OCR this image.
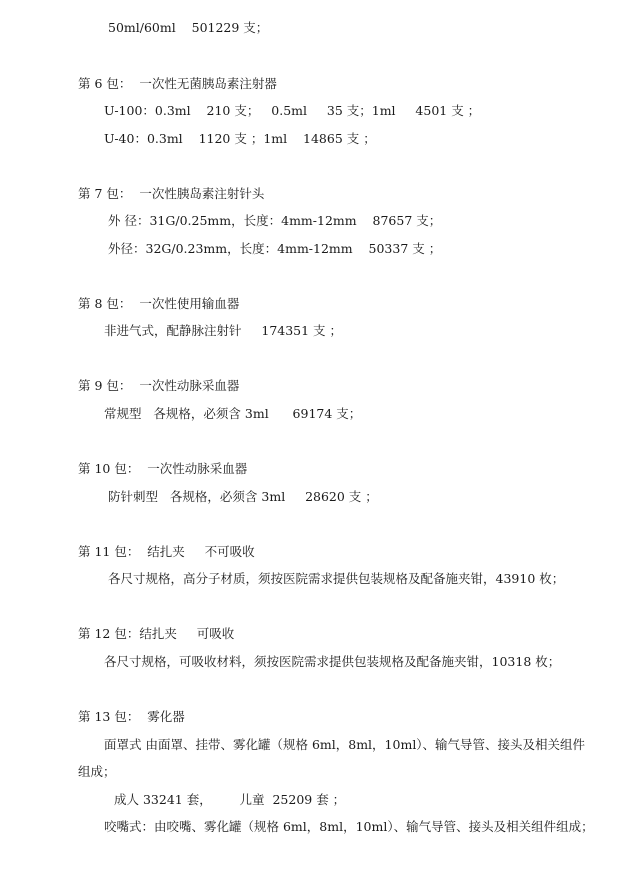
50ml/60ml    501229 支；
第 6 包：  一次性无菌胰岛素注射器
U-100：0.3ml    210 支；   0.5ml     35 支；1ml     4501 支 ；
U-40：0.3ml    1120 支 ；1ml    14865 支 ；
第 7 包：  一次性胰岛素注射针头
外 径：31G/0.25mm，长度：4mm-12mm    87657 支；
外径：32G/0.23mm，长度：4mm-12mm    50337 支 ；
第 8 包：  一次性使用输血器
非进气式，配静脉注射针     174351 支 ；
第 9 包：  一次性动脉采血器
常规型   各规格，必须含 3ml      69174 支；
第 10 包：  一次性动脉采血器
防针刺型   各规格，必须含 3ml     28620 支 ；
第 11 包：  结扎夹     不可吸收
各尺寸规格，高分子材质，须按医院需求提供包装规格及配备施夹钳，43910 枚；
第 12 包：结扎夹     可吸收
各尺寸规格，可吸收材料，须按医院需求提供包装规格及配备施夹钳，10318 枚；
第 13 包：  雾化器
面罩式 由面罩、挂带、雾化罐（规格 6ml，8ml，10ml）、输气导管、接头及相关组件
组成；
成人 33241 套，       儿童  25209 套 ；
咬嘴式：由咬嘴、雾化罐（规格 6ml，8ml，10ml）、输气导管、接头及相关组件组成；
